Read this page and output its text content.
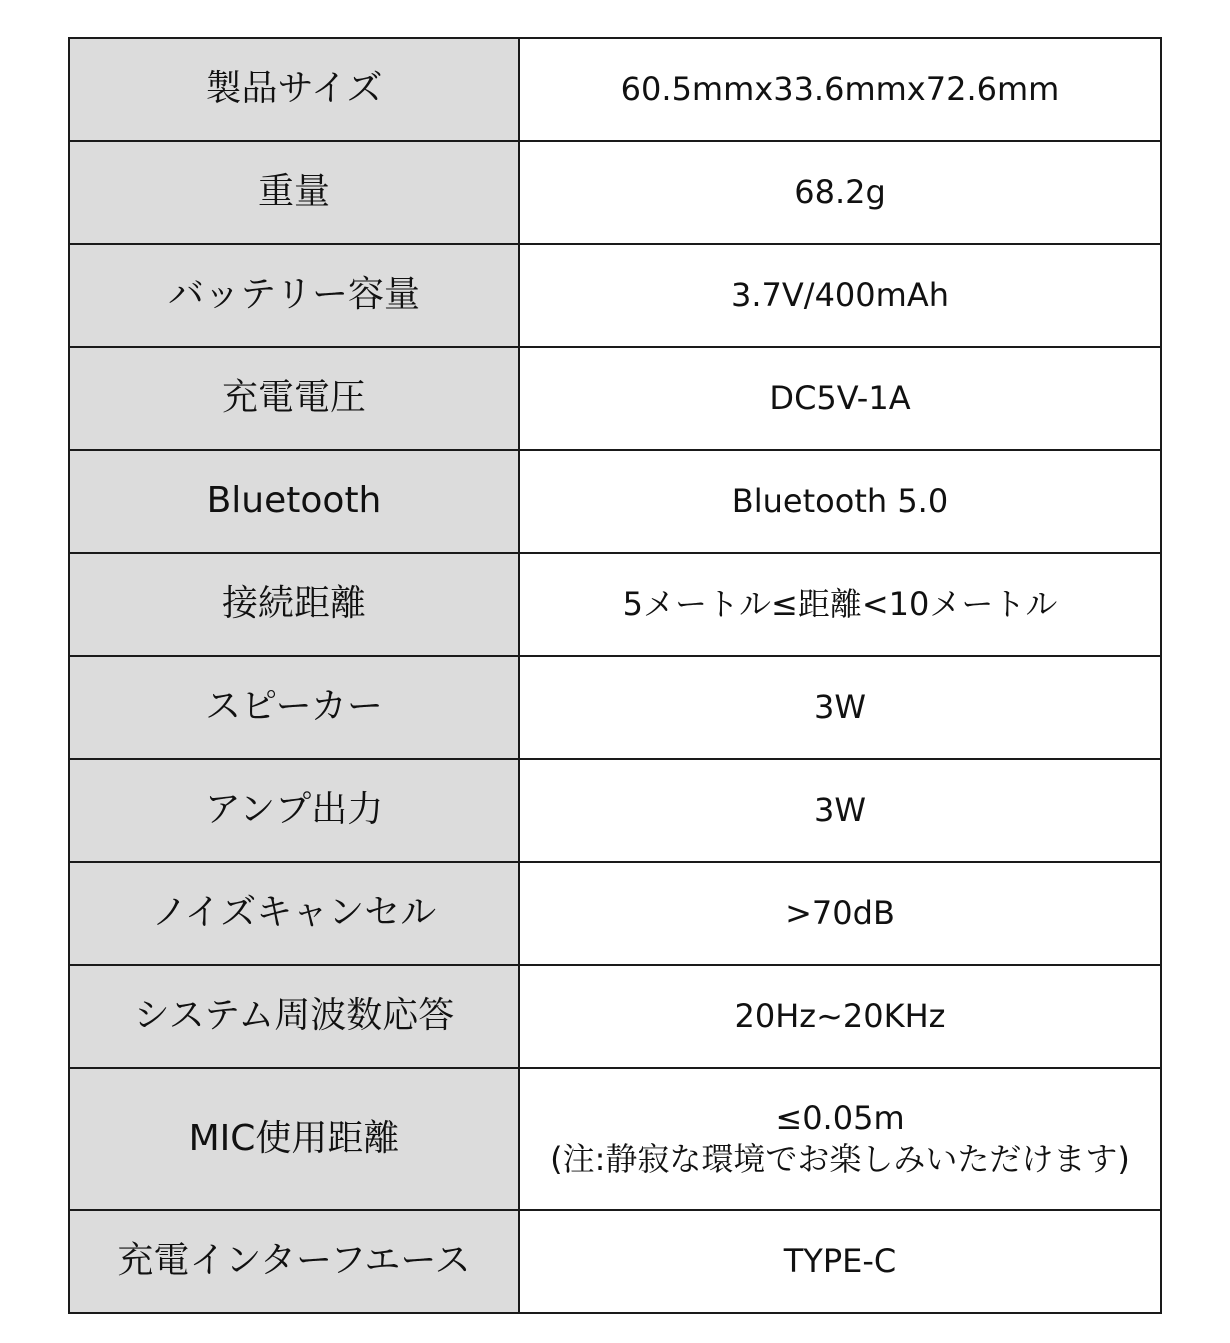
製品サイズ	60.5mmx33.6mmx72.6mm
重量	68.2g
バッテリー容量	3.7V/400mAh
充電電圧	DC5V-1A
Bluetooth	Bluetooth 5.0
接続距離	5メートル≤距離<10メートル
スピーカー	3W
アンプ出力	3W
ノイズキャンセル	>70dB
システム周波数応答	20Hz~20KHz
MIC使用距離	≤0.05m
(注:静寂な環境でお楽しみいただけます)

充電インターフエース	TYPE-C
